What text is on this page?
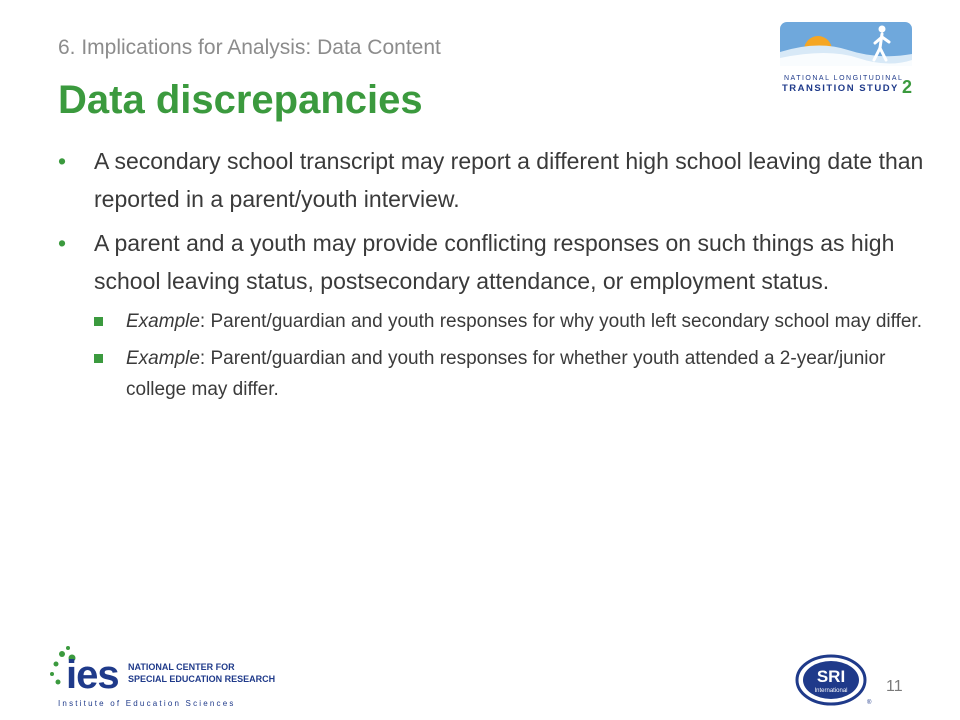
6. Implications for Analysis: Data Content
Data discrepancies	NATIONAL LONGITUDINAL
TRANSITION STUDY 2
• A secondary school transcript may report a different high school leaving date than reported in a parent/youth interview.
• A parent and a youth may provide conflicting responses on such things as high school leaving status, postsecondary attendance, or employment status.
Example: Parent/guardian and youth responses for why youth left secondary school may differ.
Example: Parent/guardian and youth responses for whether youth attended a 2-year/junior college may differ.
ies NATIONAL CENTER FOR
SPECIAL EDUCATION RESEARCH
Institute of Education Sciences
SRI
International
®
11
